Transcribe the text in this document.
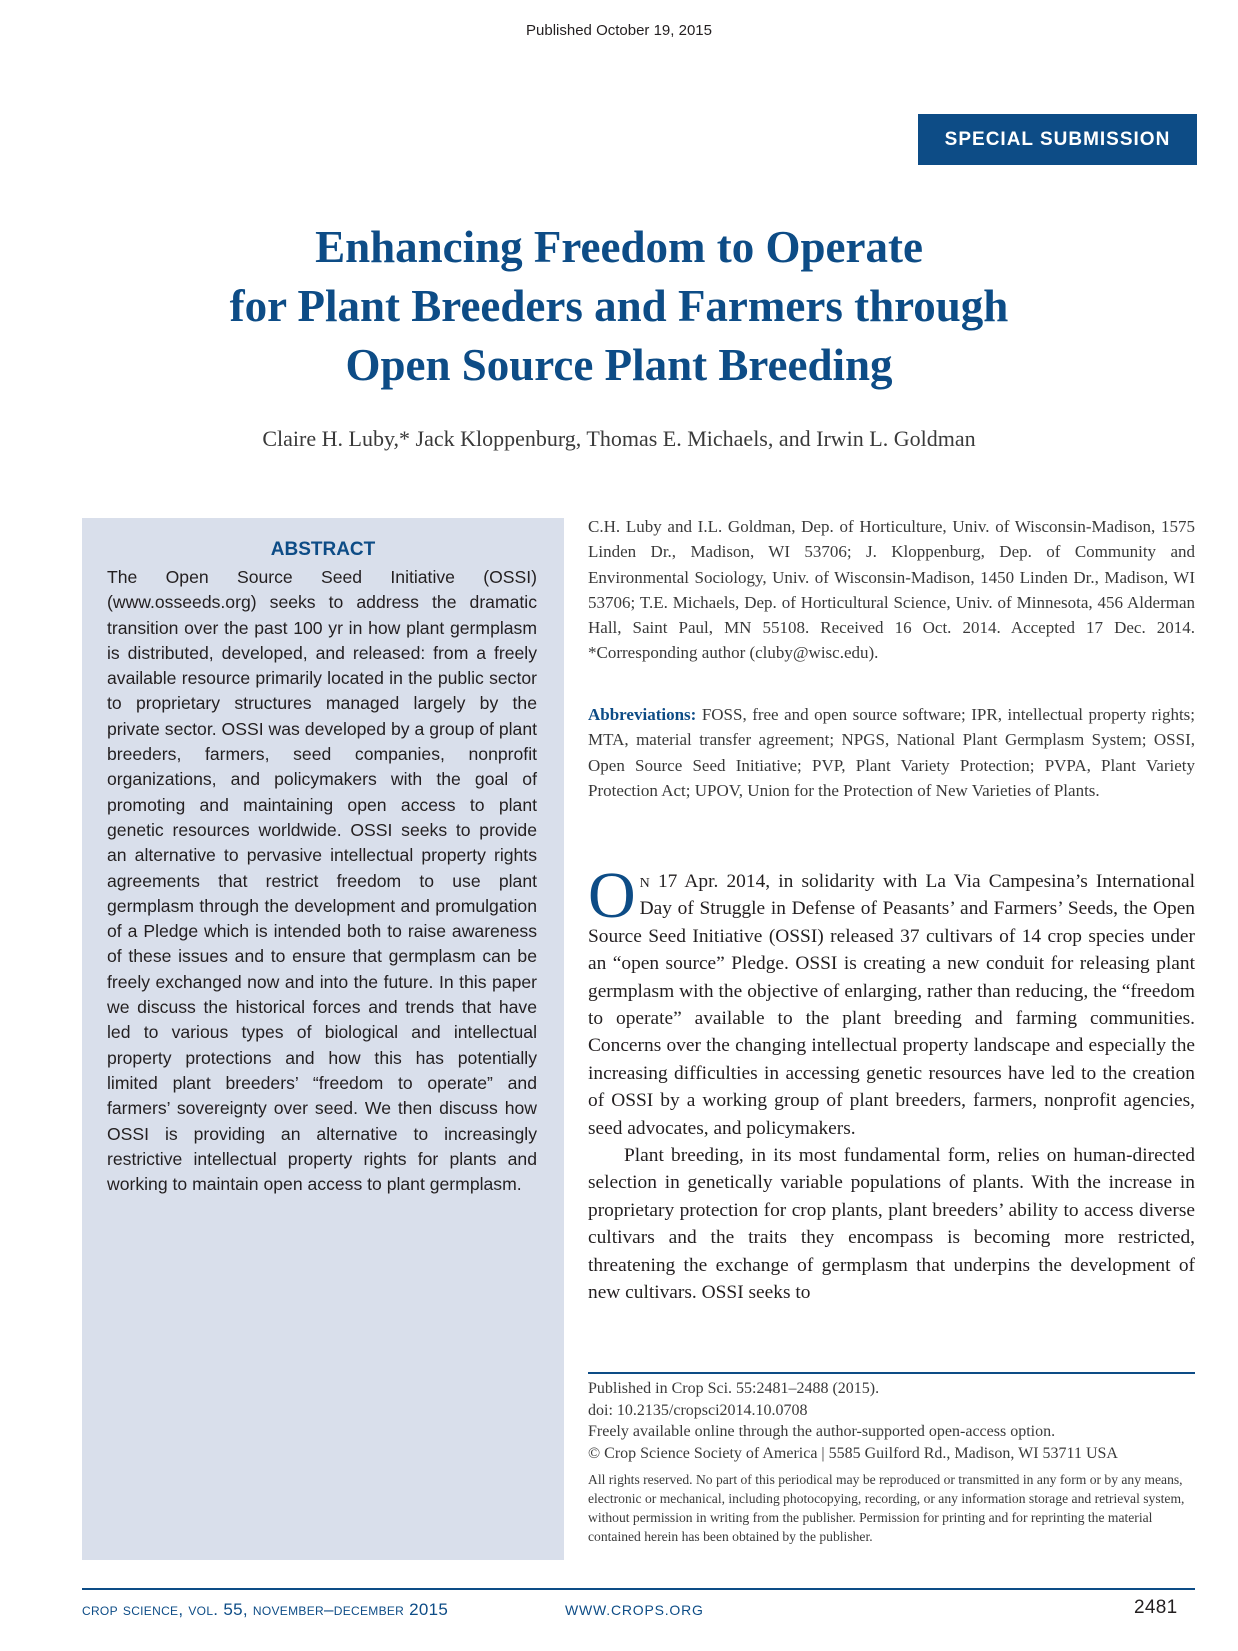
Published October 19, 2015
SPECIAL SUBMISSION
Enhancing Freedom to Operate
for Plant Breeders and Farmers through
Open Source Plant Breeding
Claire H. Luby,* Jack Kloppenburg, Thomas E. Michaels, and Irwin L. Goldman
ABSTRACT
The Open Source Seed Initiative (OSSI) (www.osseeds.org) seeks to address the dramatic transition over the past 100 yr in how plant germplasm is distributed, developed, and released: from a freely available resource primarily located in the public sector to proprietary structures managed largely by the private sector. OSSI was developed by a group of plant breeders, farmers, seed companies, nonprofit organizations, and policymakers with the goal of promoting and maintaining open access to plant genetic resources worldwide. OSSI seeks to provide an alternative to pervasive intellectual property rights agreements that restrict freedom to use plant germplasm through the development and promulgation of a Pledge which is intended both to raise awareness of these issues and to ensure that germplasm can be freely exchanged now and into the future. In this paper we discuss the historical forces and trends that have led to various types of biological and intellectual property protections and how this has potentially limited plant breeders’ “freedom to operate” and farmers’ sovereignty over seed. We then discuss how OSSI is providing an alternative to increasingly restrictive intellectual property rights for plants and working to maintain open access to plant germplasm.
C.H. Luby and I.L. Goldman, Dep. of Horticulture, Univ. of Wisconsin-Madison, 1575 Linden Dr., Madison, WI 53706; J. Kloppenburg, Dep. of Community and Environmental Sociology, Univ. of Wisconsin-Madison, 1450 Linden Dr., Madison, WI 53706; T.E. Michaels, Dep. of Horticultural Science, Univ. of Minnesota, 456 Alderman Hall, Saint Paul, MN 55108. Received 16 Oct. 2014. Accepted 17 Dec. 2014. *Corresponding author (cluby@wisc.edu).
Abbreviations: FOSS, free and open source software; IPR, intellectual property rights; MTA, material transfer agreement; NPGS, National Plant Germplasm System; OSSI, Open Source Seed Initiative; PVP, Plant Variety Protection; PVPA, Plant Variety Protection Act; UPOV, Union for the Protection of New Varieties of Plants.

On 17 Apr. 2014, in solidarity with La Via Campesina’s International Day of Struggle in Defense of Peasants’ and Farmers’ Seeds, the Open Source Seed Initiative (OSSI) released 37 cultivars of 14 crop species under an “open source” Pledge. OSSI is creating a new conduit for releasing plant germplasm with the objective of enlarging, rather than reducing, the “freedom to operate” available to the plant breeding and farming communities. Concerns over the changing intellectual property landscape and especially the increasing difficulties in accessing genetic resources have led to the creation of OSSI by a working group of plant breeders, farmers, nonprofit agencies, seed advocates, and policymakers.

Plant breeding, in its most fundamental form, relies on human-directed selection in genetically variable populations of plants. With the increase in proprietary protection for crop plants, plant breeders’ ability to access diverse cultivars and the traits they encompass is becoming more restricted, threatening the exchange of germplasm that underpins the development of new cultivars. OSSI seeks to

Published in Crop Sci. 55:2481–2488 (2015).
doi: 10.2135/cropsci2014.10.0708
Freely available online through the author-supported open-access option.
© Crop Science Society of America | 5585 Guilford Rd., Madison, WI 53711 USA
All rights reserved. No part of this periodical may be reproduced or transmitted in any form or by any means, electronic or mechanical, including photocopying, recording, or any information storage and retrieval system, without permission in writing from the publisher. Permission for printing and for reprinting the material contained herein has been obtained by the publisher.
crop science, vol. 55, november–december 2015	WWW.CROPS.ORG	2481
